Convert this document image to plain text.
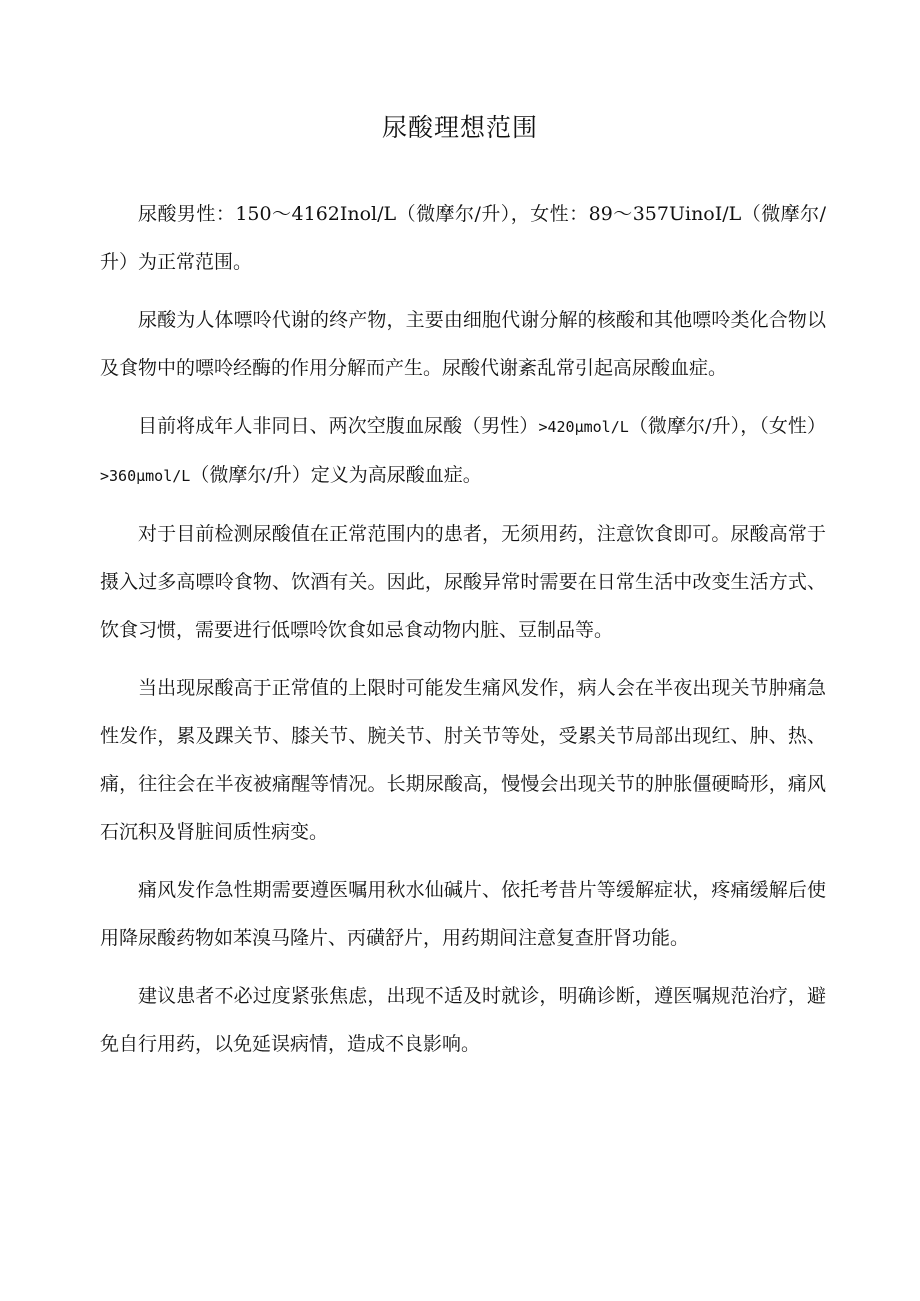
尿酸理想范围

尿酸男性：150～4162Inol/L（微摩尔/升），女性：89～357UinoI/L（微摩尔/升）为正常范围。

尿酸为人体嘌呤代谢的终产物，主要由细胞代谢分解的核酸和其他嘌呤类化合物以及食物中的嘌呤经酶的作用分解而产生。尿酸代谢紊乱常引起高尿酸血症。

目前将成年人非同日、两次空腹血尿酸（男性）>420μmol∕L（微摩尔/升），（女性）>360μmol∕L（微摩尔/升）定义为高尿酸血症。

对于目前检测尿酸值在正常范围内的患者，无须用药，注意饮食即可。尿酸高常于摄入过多高嘌呤食物、饮酒有关。因此，尿酸异常时需要在日常生活中改变生活方式、饮食习惯，需要进行低嘌呤饮食如忌食动物内脏、豆制品等。

当出现尿酸高于正常值的上限时可能发生痛风发作，病人会在半夜出现关节肿痛急性发作，累及踝关节、膝关节、腕关节、肘关节等处，受累关节局部出现红、肿、热、痛，往往会在半夜被痛醒等情况。长期尿酸高，慢慢会出现关节的肿胀僵硬畸形，痛风石沉积及肾脏间质性病变。

痛风发作急性期需要遵医嘱用秋水仙碱片、依托考昔片等缓解症状，疼痛缓解后使用降尿酸药物如苯溴马隆片、丙磺舒片，用药期间注意复查肝肾功能。

建议患者不必过度紧张焦虑，出现不适及时就诊，明确诊断，遵医嘱规范治疗，避免自行用药，以免延误病情，造成不良影响。
